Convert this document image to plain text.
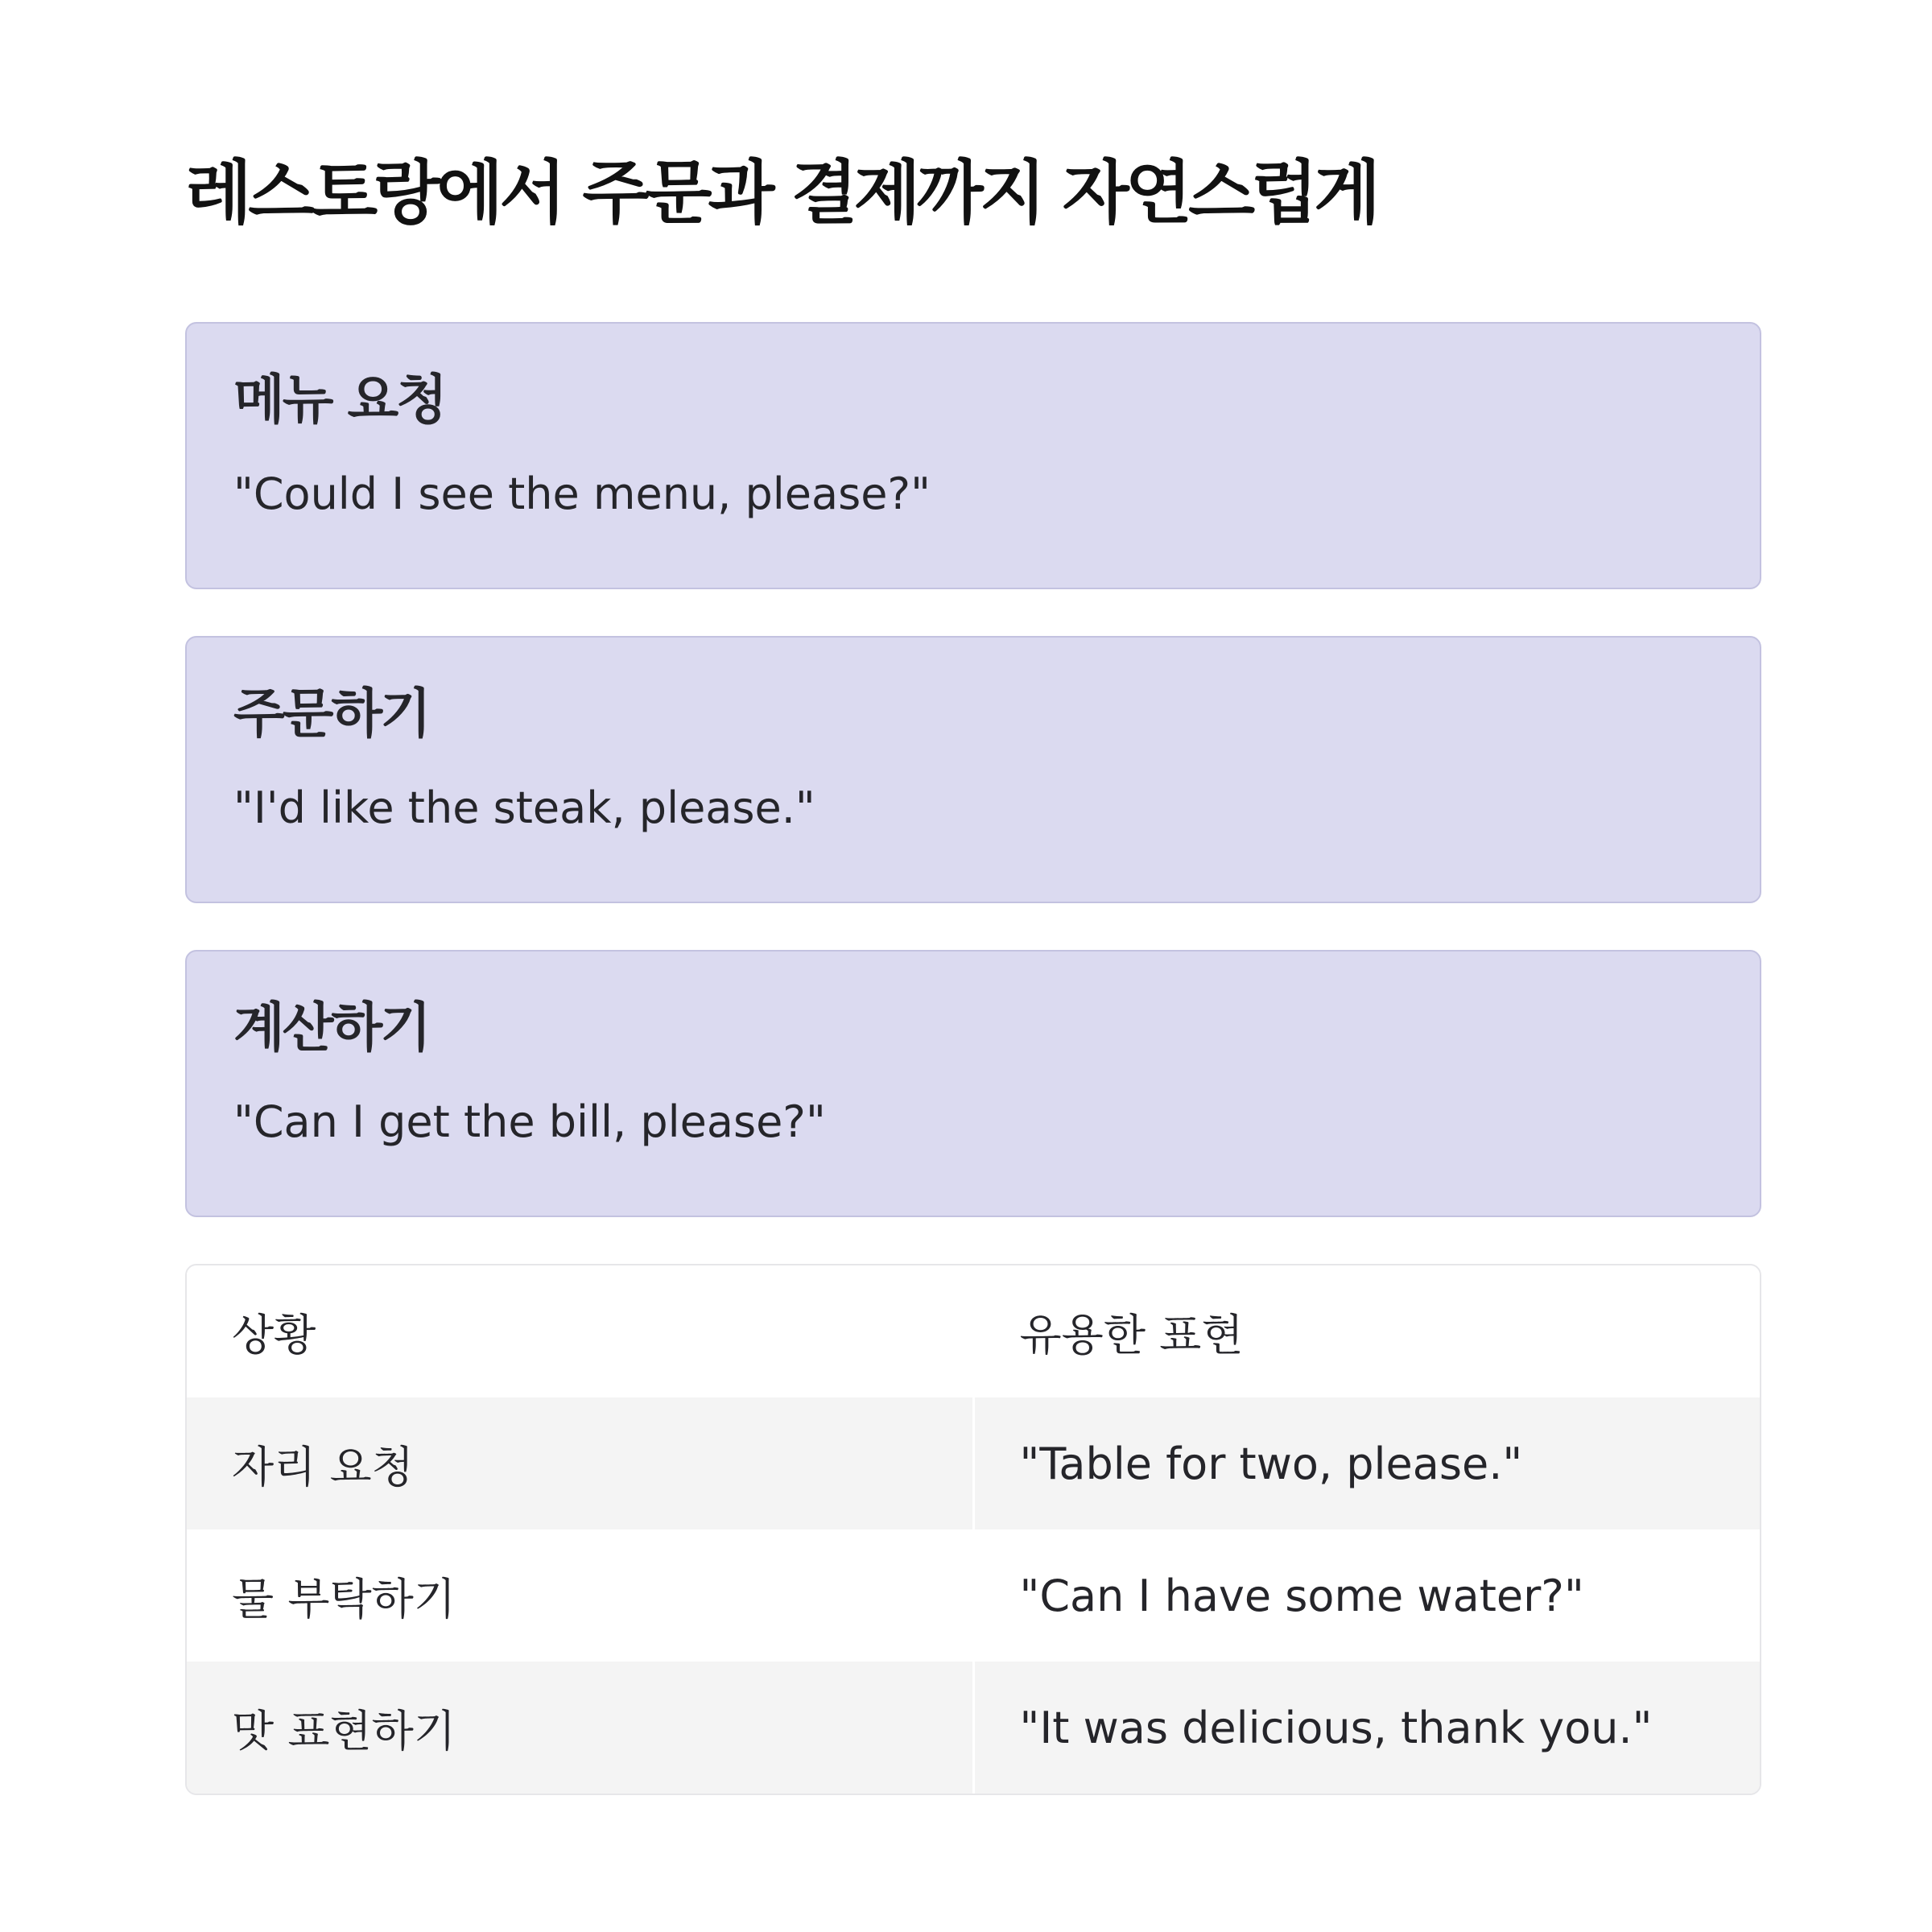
레스토랑에서 주문과 결제까지 자연스럽게
메뉴 요청
"Could I see the menu, please?"
주문하기
"I'd like the steak, please."
계산하기
"Can I get the bill, please?"
상황	유용한 표현
자리 요청	"Table for two, please."
물 부탁하기	"Can I have some water?"
맛 표현하기	"It was delicious, thank you."
